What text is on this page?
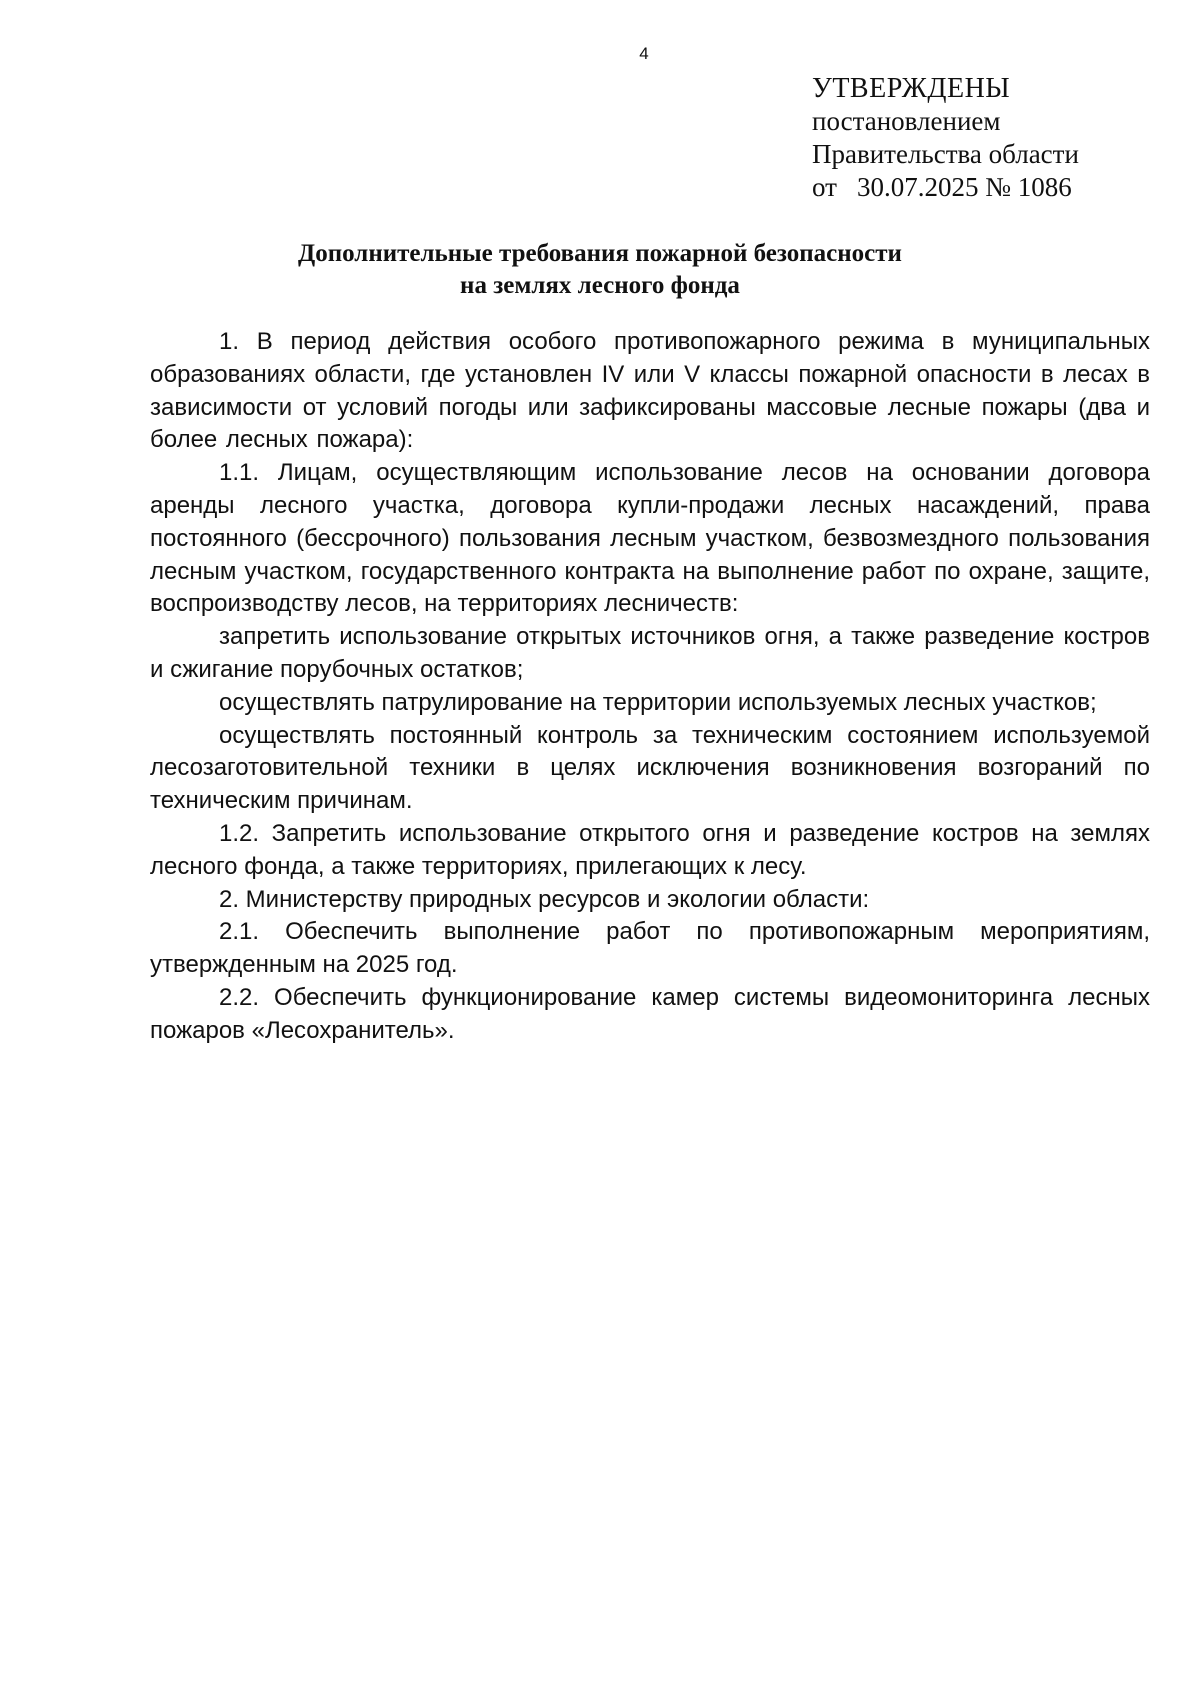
4
УТВЕРЖДЕНЫ
постановлением
Правительства области
от 30.07.2025 № 1086
Дополнительные требования пожарной безопасности
на землях лесного фонда

1. В период действия особого противопожарного режима в муниципальных образованиях области, где установлен IV или V классы пожарной опасности в лесах в зависимости от условий погоды или зафиксированы массовые лесные пожары (два и более лесных пожара):

1.1. Лицам, осуществляющим использование лесов на основании договора аренды лесного участка, договора купли-продажи лесных насаждений, права постоянного (бессрочного) пользования лесным участком, безвозмездного пользования лесным участком, государственного контракта на выполнение работ по охране, защите, воспроизводству лесов, на территориях лесничеств:

запретить использование открытых источников огня, а также разведение костров и сжигание порубочных остатков;

осуществлять патрулирование на территории используемых лесных участков;

осуществлять постоянный контроль за техническим состоянием используемой лесозаготовительной техники в целях исключения возникновения возгораний по техническим причинам.

1.2. Запретить использование открытого огня и разведение костров на землях лесного фонда, а также территориях, прилегающих к лесу.

2. Министерству природных ресурсов и экологии области:

2.1. Обеспечить выполнение работ по противопожарным мероприятиям, утвержденным на 2025 год.

2.2. Обеспечить функционирование камер системы видеомониторинга лесных пожаров «Лесохранитель».
